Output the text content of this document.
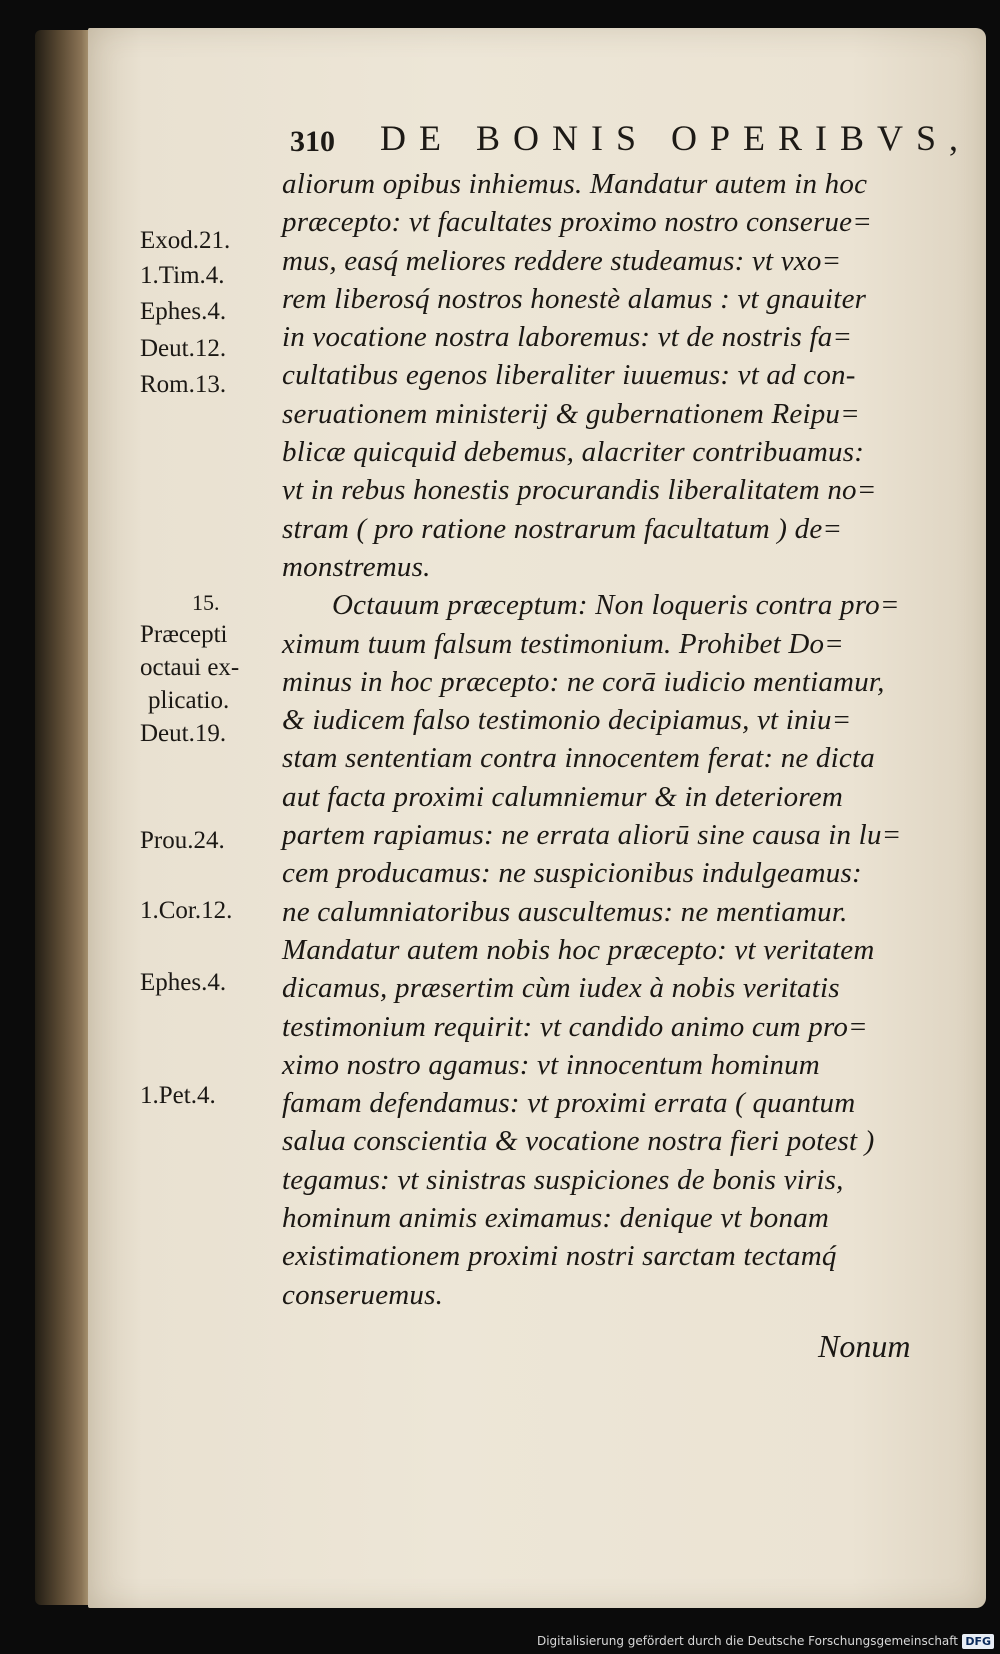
310 DE BONIS OPERIBVS,
Exod.21.
1.Tim.4.
Ephes.4.
Deut.12.
Rom.13.
15.
Præcepti
octaui ex-
plicatio.
Deut.19.
Prou.24.
1.Cor.12.
Ephes.4.
1.Pet.4.
aliorum opibus inhiemus. Mandatur autem in hoc
præcepto: vt facultates proximo nostro conserue=
mus, easq́ meliores reddere studeamus: vt vxo=
rem liberosq́ nostros honestè alamus : vt gnauiter
in vocatione nostra laboremus: vt de nostris fa=
cultatibus egenos liberaliter iuuemus: vt ad con-
seruationem ministerij & gubernationem Reipu=
blicæ quicquid debemus, alacriter contribuamus:
vt in rebus honestis procurandis liberalitatem no=
stram ( pro ratione nostrarum facultatum ) de=
monstremus.
Octauum præceptum: Non loqueris contra pro=
ximum tuum falsum testimonium. Prohibet Do=
minus in hoc præcepto: ne corā iudicio mentiamur,
& iudicem falso testimonio decipiamus, vt iniu=
stam sententiam contra innocentem ferat: ne dicta
aut facta proximi calumniemur & in deteriorem
partem rapiamus: ne errata aliorū sine causa in lu=
cem producamus: ne suspicionibus indulgeamus:
ne calumniatoribus auscultemus: ne mentiamur.
Mandatur autem nobis hoc præcepto: vt veritatem
dicamus, præsertim cùm iudex à nobis veritatis
testimonium requirit: vt candido animo cum pro=
ximo nostro agamus: vt innocentum hominum
famam defendamus: vt proximi errata ( quantum
salua conscientia & vocatione nostra fieri potest )
tegamus: vt sinistras suspiciones de bonis viris,
hominum animis eximamus: denique vt bonam
existimationem proximi nostri sarctam tectamq́
conseruemus.
Nonum
Digitalisierung gefördert durch die Deutsche Forschungsgemeinschaft DFG
